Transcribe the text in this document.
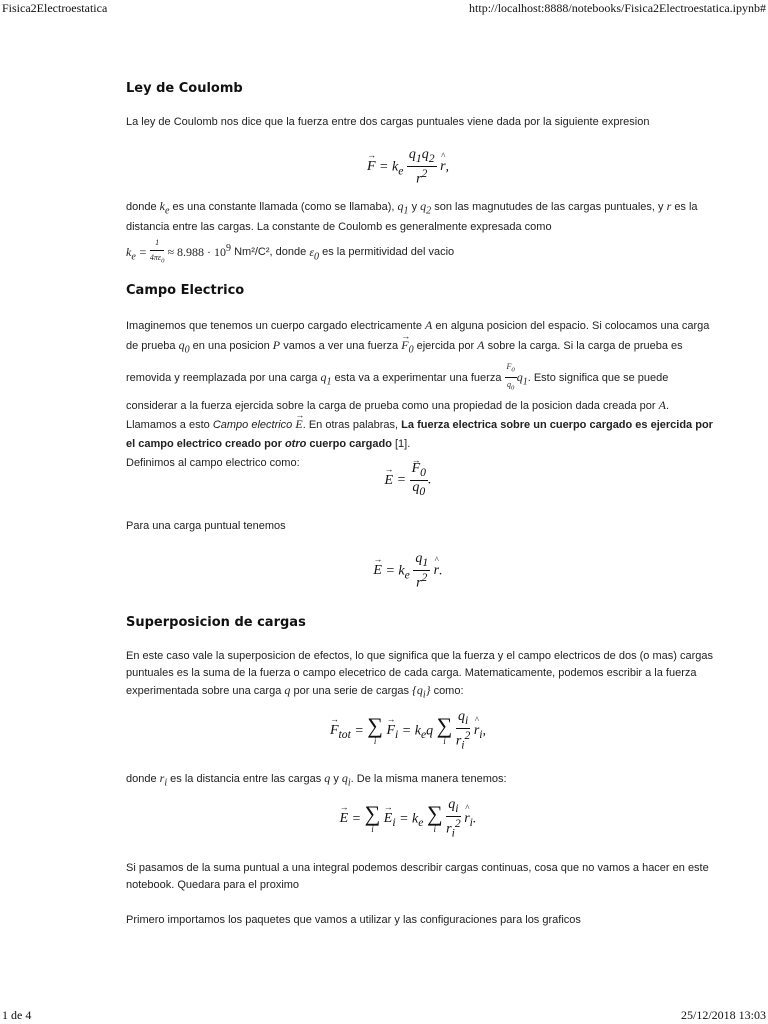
Fisica2Electroestatica	http://localhost:8888/notebooks/Fisica2Electroestatica.ipynb#
Ley de Coulomb

La ley de Coulomb nos dice que la fuerza entre dos cargas puntuales viene dada por la siguiente expresion

→ $F = k_e \frac{q_1q_2}{r^2}$ ^ r,

donde $k_e$ es una constante llamada (como se llamaba), $q_1$ y $q_2$ son las magnutudes de las cargas puntuales, y r es la distancia entre las cargas. La constante de Coulomb es generalmente expresada como
$k_e = \frac{1}{4\pi\varepsilon_0} \approx 8.988 \cdot 10^9$ Nm²/C², donde $\varepsilon_0$ es la permitividad del vacio

Campo Electrico

Imaginemos que tenemos un cuerpo cargado electricamente A en alguna posicion del espacio. Si colocamos una carga de prueba $q_0$ en una posicion P vamos a ver una fuerza → $F_0$ ejercida por A sobre la carga. Si la carga de prueba es removida y reemplazada por una carga $q_1$ esta va a experimentar una fuerza $\frac{F_0}{q_0} q_1$. Esto significa que se puede considerar a la fuerza ejercida sobre la carga de prueba como una propiedad de la posicion dada creada por A. Llamamos a esto Campo electrico → E. En otras palabras, La fuerza electrica sobre un cuerpo cargado es ejercida por el campo electrico creado por otro cuerpo cargado [1].
Definimos al campo electrico como:

→ E = → $\frac{F_0}{q_0}$ .

Para una carga puntual tenemos

→ $E = k_e \frac{q_1}{r^2}$ ^ r.
Superposicion de cargas

En este caso vale la superposicion de efectos, lo que significa que la fuerza y el campo electricos de dos (o mas) cargas puntuales es la suma de la fuerza o campo elecetrico de cada carga. Matematicamente, podemos escribir a la fuerza experimentada sobre una carga q por una serie de cargas $\{q_i\}$ como:

→ $F_{tot}$ = ∑
i
→ $F_i = k_eq$ ∑
i
$\frac{q_i}{r_i^2}$ ^ $r_i$,

donde $r_i$ es la distancia entre las cargas q y $q_i$. De la misma manera tenemos:

→ E = ∑
i
→ $E_i = k_e$ ∑
i
$\frac{q_i}{r_i^2}$ ^ $r_i$.

Si pasamos de la suma puntual a una integral podemos describir cargas continuas, cosa que no vamos a hacer en este notebook. Quedara para el proximo

Primero importamos los paquetes que vamos a utilizar y las configuraciones para los graficos

1 de 4	25/12/2018 13:03
